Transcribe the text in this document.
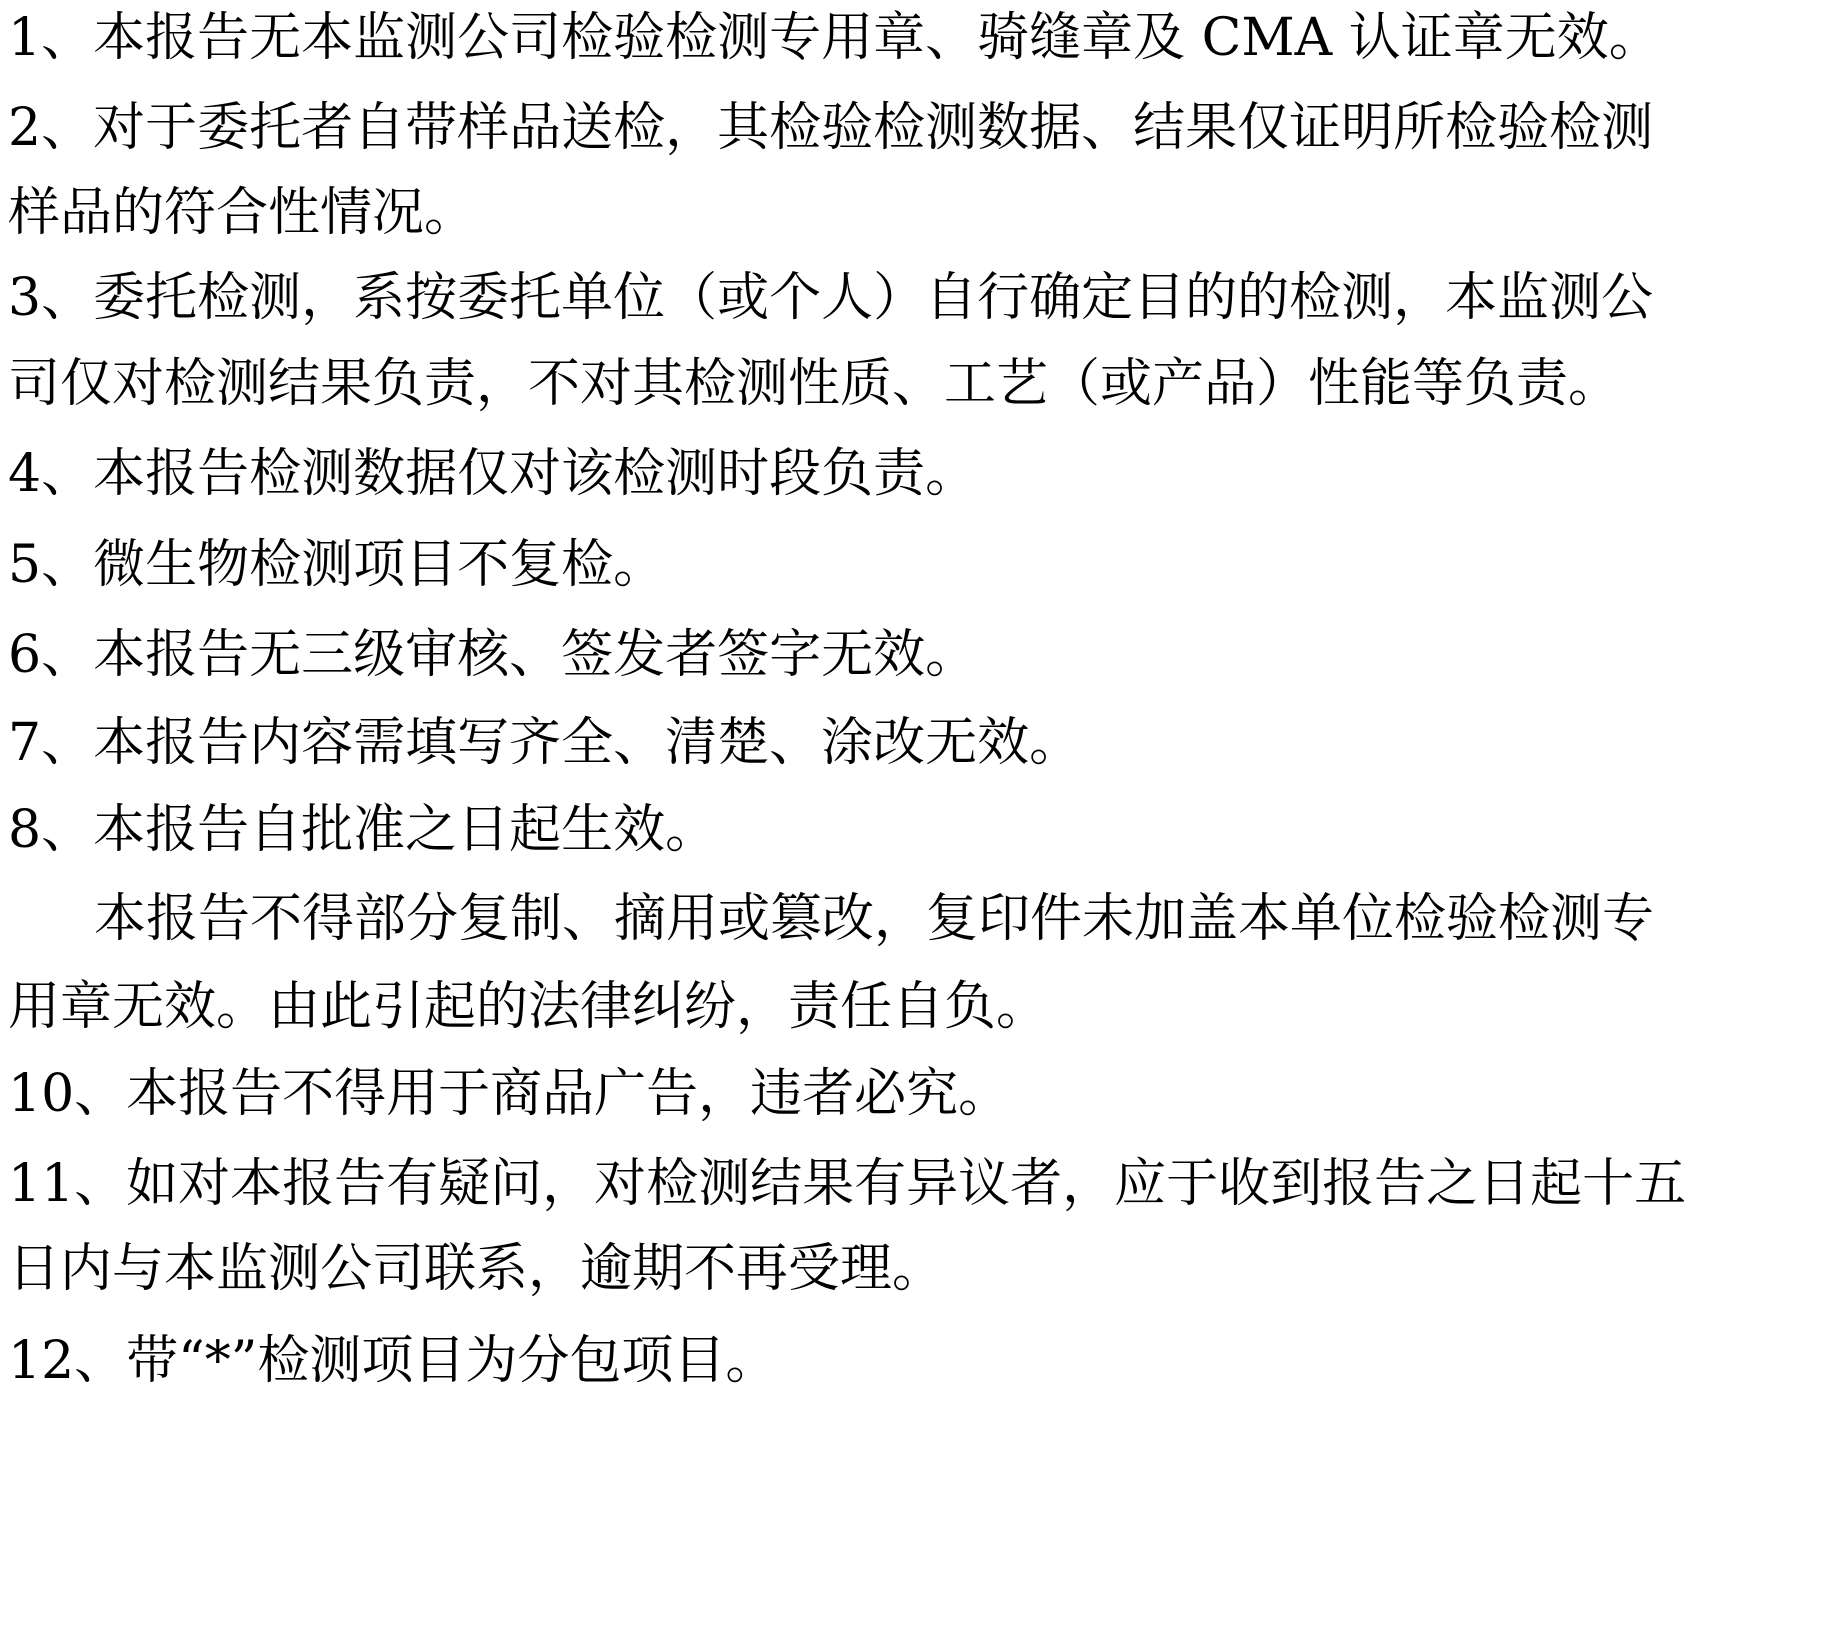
1、本报告无本监测公司检验检测专用章、骑缝章及 CMA 认证章无效。
2、对于委托者自带样品送检，其检验检测数据、结果仅证明所检验检测
样品的符合性情况。
3、委托检测，系按委托单位（或个人）自行确定目的的检测，本监测公
司仅对检测结果负责，不对其检测性质、工艺（或产品）性能等负责。
4、本报告检测数据仅对该检测时段负责。
5、微生物检测项目不复检。
6、本报告无三级审核、签发者签字无效。
7、本报告内容需填写齐全、清楚、涂改无效。
8、本报告自批准之日起生效。
本报告不得部分复制、摘用或篡改，复印件未加盖本单位检验检测专
用章无效。由此引起的法律纠纷，责任自负。
10、本报告不得用于商品广告，违者必究。
11、如对本报告有疑问，对检测结果有异议者，应于收到报告之日起十五
日内与本监测公司联系，逾期不再受理。
12、带“*”检测项目为分包项目。
